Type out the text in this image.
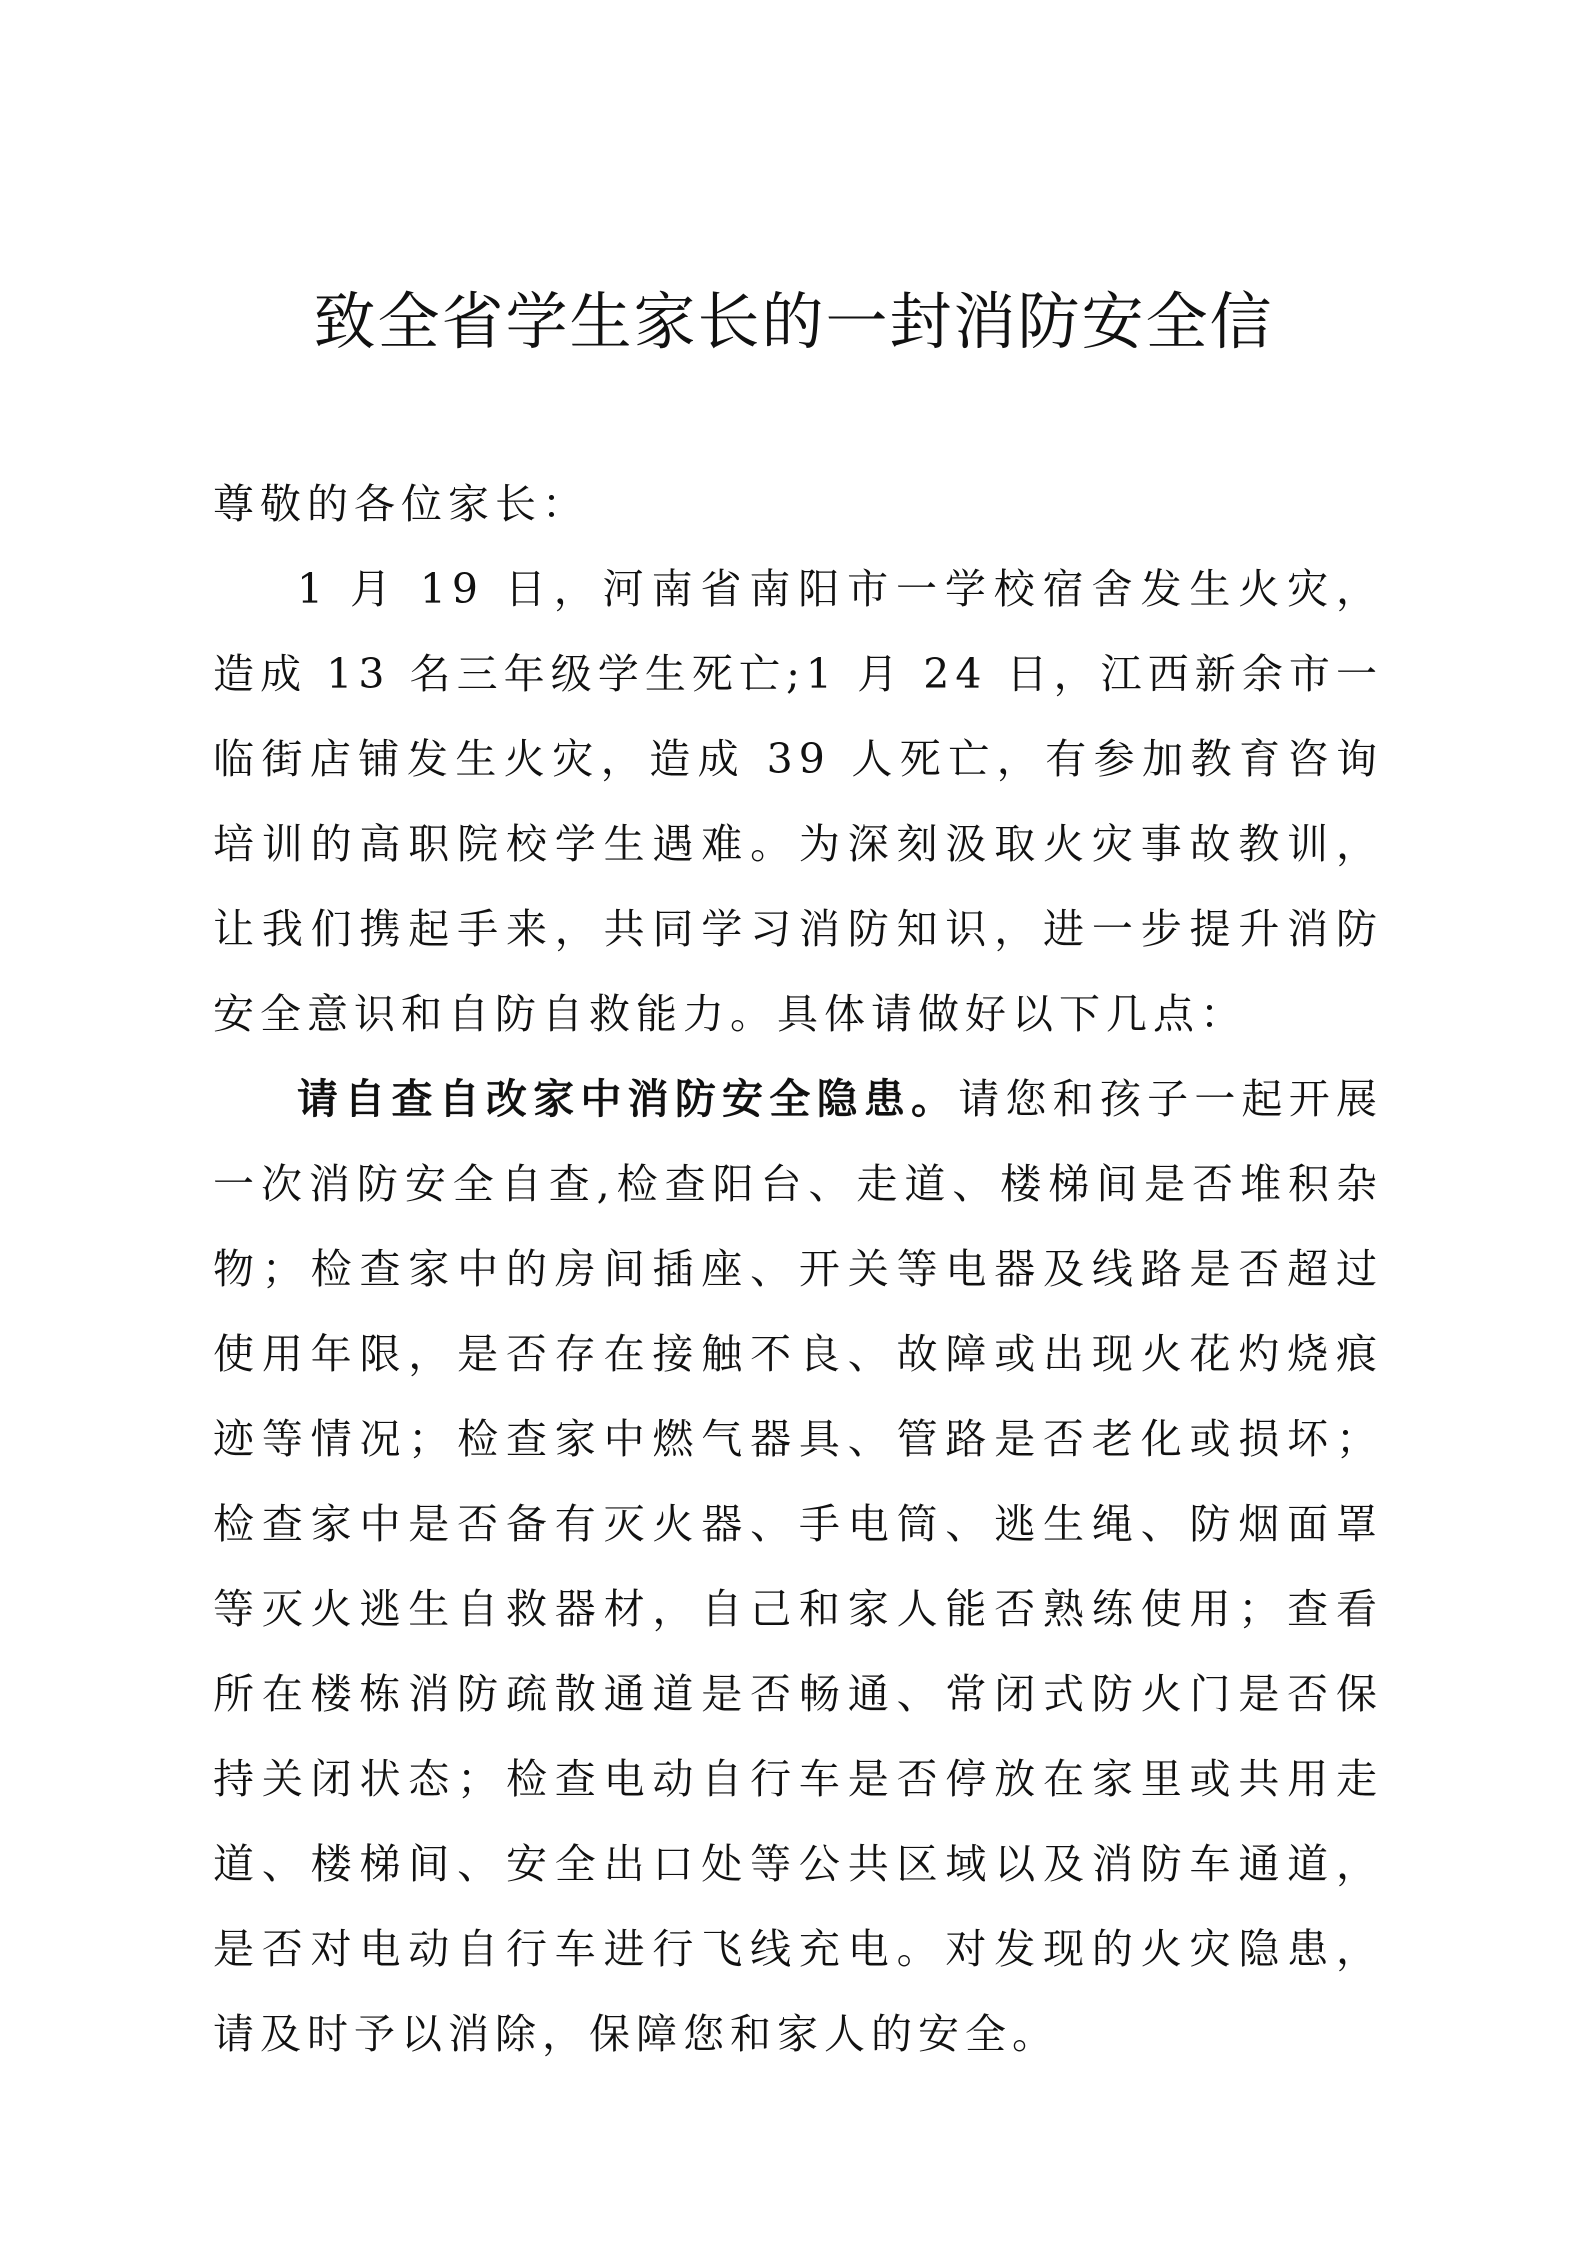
致全省学生家长的一封消防安全信

尊敬的各位家长：

1 月 19 日，河南省南阳市一学校宿舍发生火灾，造成 13 名三年级学生死亡;1 月 24 日，江西新余市一临街店铺发生火灾，造成 39 人死亡，有参加教育咨询培训的高职院校学生遇难。为深刻汲取火灾事故教训，让我们携起手来，共同学习消防知识，进一步提升消防安全意识和自防自救能力。具体请做好以下几点：

请自查自改家中消防安全隐患。请您和孩子一起开展一次消防安全自查,检查阳台、走道、楼梯间是否堆积杂物；检查家中的房间插座、开关等电器及线路是否超过使用年限，是否存在接触不良、故障或出现火花灼烧痕迹等情况；检查家中燃气器具、管路是否老化或损坏；检查家中是否备有灭火器、手电筒、逃生绳、防烟面罩等灭火逃生自救器材，自己和家人能否熟练使用；查看所在楼栋消防疏散通道是否畅通、常闭式防火门是否保持关闭状态；检查电动自行车是否停放在家里或共用走道、楼梯间、安全出口处等公共区域以及消防车通道，是否对电动自行车进行飞线充电。对发现的火灾隐患，请及时予以消除，保障您和家人的安全。
